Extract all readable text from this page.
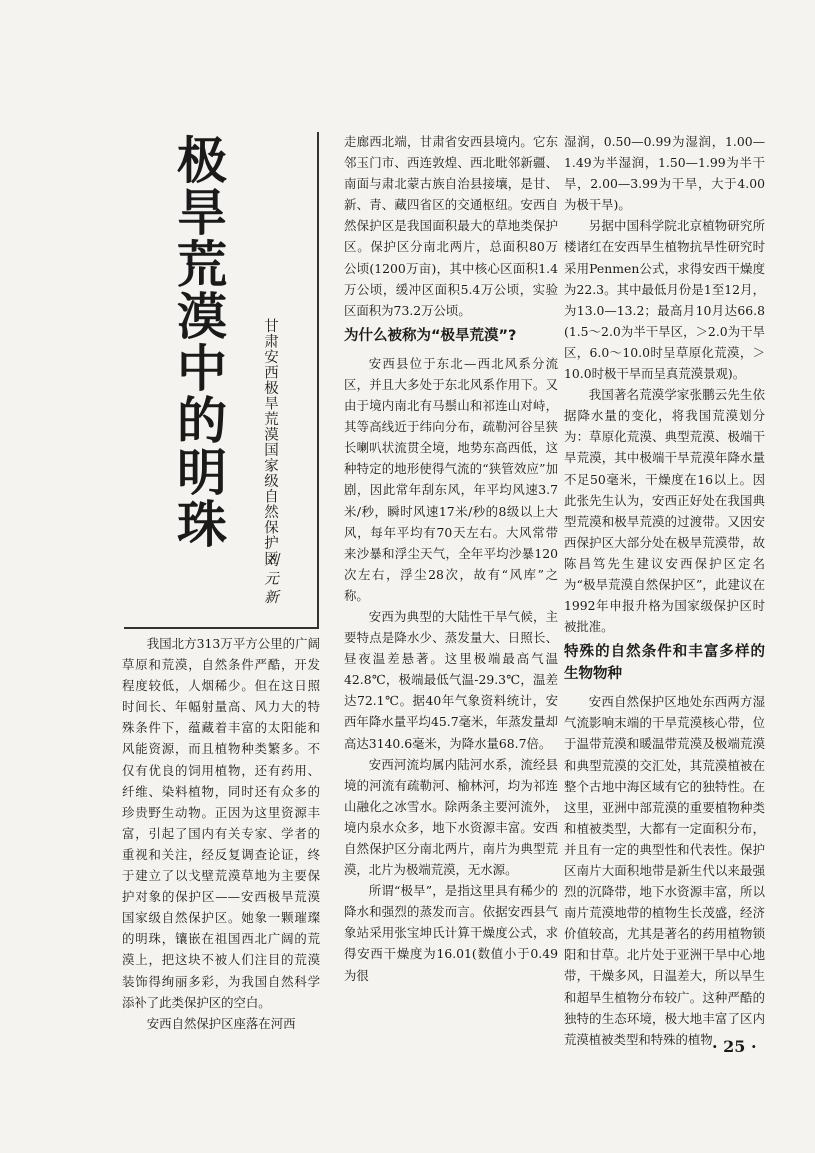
极旱荒漠中的明珠 甘肃安西极旱荒漠国家级自然保护区
刘元新

我国北方313万平方公里的广阔草原和荒漠，自然条件严酷，开发程度较低，人烟稀少。但在这日照时间长、年幅射量高、风力大的特殊条件下，蕴藏着丰富的太阳能和风能资源，而且植物种类繁多。不仅有优良的饲用植物，还有药用、纤维、染料植物，同时还有众多的珍贵野生动物。正因为这里资源丰富，引起了国内有关专家、学者的重视和关注，经反复调查论证，终于建立了以戈壁荒漠草地为主要保护对象的保护区——安西极旱荒漠国家级自然保护区。她象一颗璀璨的明珠，镶嵌在祖国西北广阔的荒漠上，把这块不被人们注目的荒漠装饰得绚丽多彩，为我国自然科学添补了此类保护区的空白。

安西自然保护区座落在河西

走廊西北端，甘肃省安西县境内。它东邻玉门市、西连敦煌、西北毗邻新疆、南面与肃北蒙古族自治县接壤，是甘、新、青、藏四省区的交通枢纽。安西自然保护区是我国面积最大的草地类保护区。保护区分南北两片，总面积80万公顷(1200万亩)，其中核心区面积1.4万公顷，缓冲区面积5.4万公顷，实验区面积为73.2万公顷。

为什么被称为“极旱荒漠”?

安西县位于东北—西北风系分流区，并且大多处于东北风系作用下。又由于境内南北有马鬃山和祁连山对峙，其等高线近于纬向分布，疏勒河谷呈狭长喇叭状流贯全境，地势东高西低，这种特定的地形使得气流的“狭管效应”加剧，因此常年刮东风，年平均风速3.7米/秒，瞬时风速17米/秒的8级以上大风，每年平均有70天左右。大风常带来沙暴和浮尘天气，全年平均沙暴120次左右，浮尘28次，故有“风库”之称。

安西为典型的大陆性干旱气候，主要特点是降水少、蒸发量大、日照长、昼夜温差悬著。这里极端最高气温42.8℃，极端最低气温-29.3℃，温差达72.1℃。据40年气象资料统计，安西年降水量平均45.7毫米，年蒸发量却高达3140.6毫米，为降水量68.7倍。

安西河流均属内陆河水系，流经县境的河流有疏勒河、榆林河，均为祁连山融化之冰雪水。除两条主要河流外，境内泉水众多，地下水资源丰富。安西自然保护区分南北两片，南片为典型荒漠，北片为极端荒漠，无水源。

所谓“极旱”，是指这里具有稀少的降水和强烈的蒸发而言。依据安西县气象站采用张宝坤氏计算干燥度公式，求得安西干燥度为16.01(数值小于0.49为很

湿润，0.50—0.99为湿润，1.00—1.49为半湿润，1.50—1.99为半干旱，2.00—3.99为干旱，大于4.00为极干旱)。

另据中国科学院北京植物研究所楼诸红在安西旱生植物抗旱性研究时采用Penmen公式，求得安西干燥度为22.3。其中最低月份是1至12月，为13.0—13.2；最高月10月达66.8 (1.5～2.0为半干旱区，＞2.0为干旱区，6.0～10.0时呈草原化荒漠，＞10.0时极干旱而呈真荒漠景观)。

我国著名荒漠学家张鹏云先生依据降水量的变化，将我国荒漠划分为：草原化荒漠、典型荒漠、极端干旱荒漠，其中极端干旱荒漠年降水量不足50毫米，干燥度在16以上。因此张先生认为，安西正好处在我国典型荒漠和极旱荒漠的过渡带。又因安西保护区大部分处在极旱荒漠带，故陈昌笃先生建议安西保护区定名为“极旱荒漠自然保护区”，此建议在1992年申报升格为国家级保护区时被批准。

特殊的自然条件和丰富多样的生物物种

安西自然保护区地处东西两方湿气流影响末端的干旱荒漠核心带，位于温带荒漠和暖温带荒漠及极端荒漠和典型荒漠的交汇处，其荒漠植被在整个古地中海区域有它的独特性。在这里，亚洲中部荒漠的重要植物种类和植被类型，大都有一定面积分布，并且有一定的典型性和代表性。保护区南片大面积地带是新生代以来最强烈的沉降带，地下水资源丰富，所以南片荒漠地带的植物生长茂盛，经济价值较高，尤其是著名的药用植物锁阳和甘草。北片处于亚洲干旱中心地带，干燥多风，日温差大，所以旱生和超旱生植物分布较广。这种严酷的独特的生态环境，极大地丰富了区内荒漠植被类型和特殊的植物 · 25 ·
